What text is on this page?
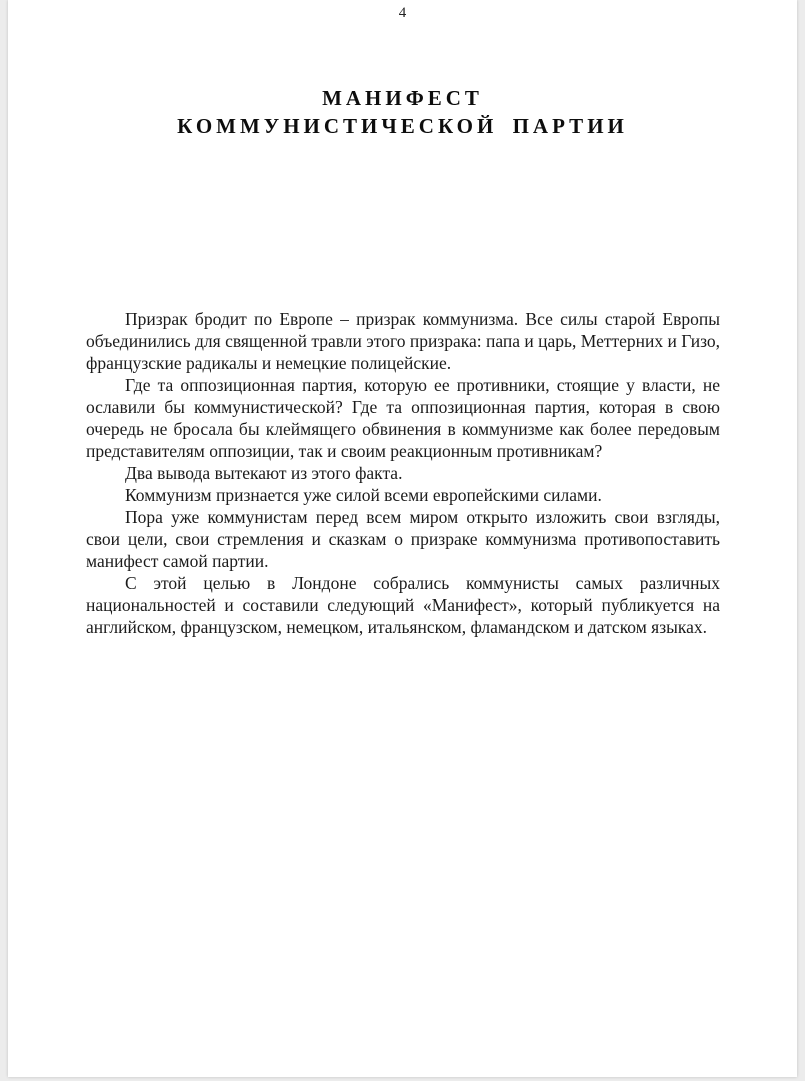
4
МАНИФЕСТ
КОММУНИСТИЧЕСКОЙ ПАРТИИ

Призрак бродит по Европе – призрак коммунизма. Все силы старой Европы объединились для священной травли этого призрака: папа и царь, Меттерних и Гизо, французские радикалы и немецкие полицейские.

Где та оппозиционная партия, которую ее противники, стоящие у власти, не ославили бы коммунистической? Где та оппозиционная партия, которая в свою очередь не бросала бы клеймящего обвинения в коммунизме как более передовым представителям оппозиции, так и своим реакционным противникам?

Два вывода вытекают из этого факта.

Коммунизм признается уже силой всеми европейскими силами.

Пора уже коммунистам перед всем миром открыто изложить свои взгляды, свои цели, свои стремления и сказкам о призраке коммунизма противопоставить манифест самой партии.

С этой целью в Лондоне собрались коммунисты самых различных национальностей и составили следующий «Манифест», который публикуется на английском, французском, немецком, итальянском, фламандском и датском языках.
